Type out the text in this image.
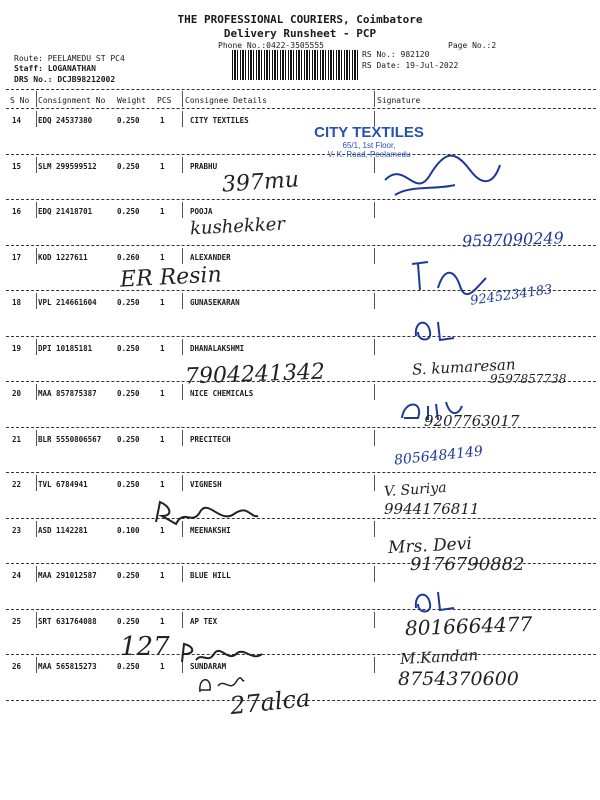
THE PROFESSIONAL COURIERS, Coimbatore
Delivery Runsheet - PCP
Phone No.:0422-3505555	Page No.:2
Route: PEELAMEDU ST PC4
Staff: LOGANATHAN
DRS No.: DCJB98212002
RS No.: 982120
RS Date: 19-Jul-2022
S No Consignment No Weight PCS Consignee Details	Signature
14 EDQ 24537380	0.250	1	CITY TEXTILES
15 SLM 299599512	0.250	1	PRABHU
16 EDQ 21418701	0.250	1	POOJA
17 KOD 1227611	0.260	1	ALEXANDER
18 VPL 214661604	0.250	1	GUNASEKARAN
19 DPI 10185181	0.250	1	DHANALAKSHMI
20 MAA 857875387	0.250	1	NICE CHEMICALS
21 BLR 5550806567 0.250	1	PRECITECH
22 TVL 6784941	0.250	1	VIGNESH
23 ASD 1142281	0.100	1	MEENAKSHI
24 MAA 291012587	0.250	1	BLUE HILL
25 SRT 631764088	0.250	1	AP TEX
26 MAA 565815273	0.250	1	SUNDARAM
CITY TEXTILES
65/1, 1st Floor,
V. K. Road, Peelamedu
397mu
kushekker
9597090249
ER Resin
9245234183
7904241342	S. kumaresan
9597857738
9207763017
8056484149
V. Suriya
9944176811
Mrs. Devi
9176790882
8016664477
127	M.Kandan
8754370600
27alca
